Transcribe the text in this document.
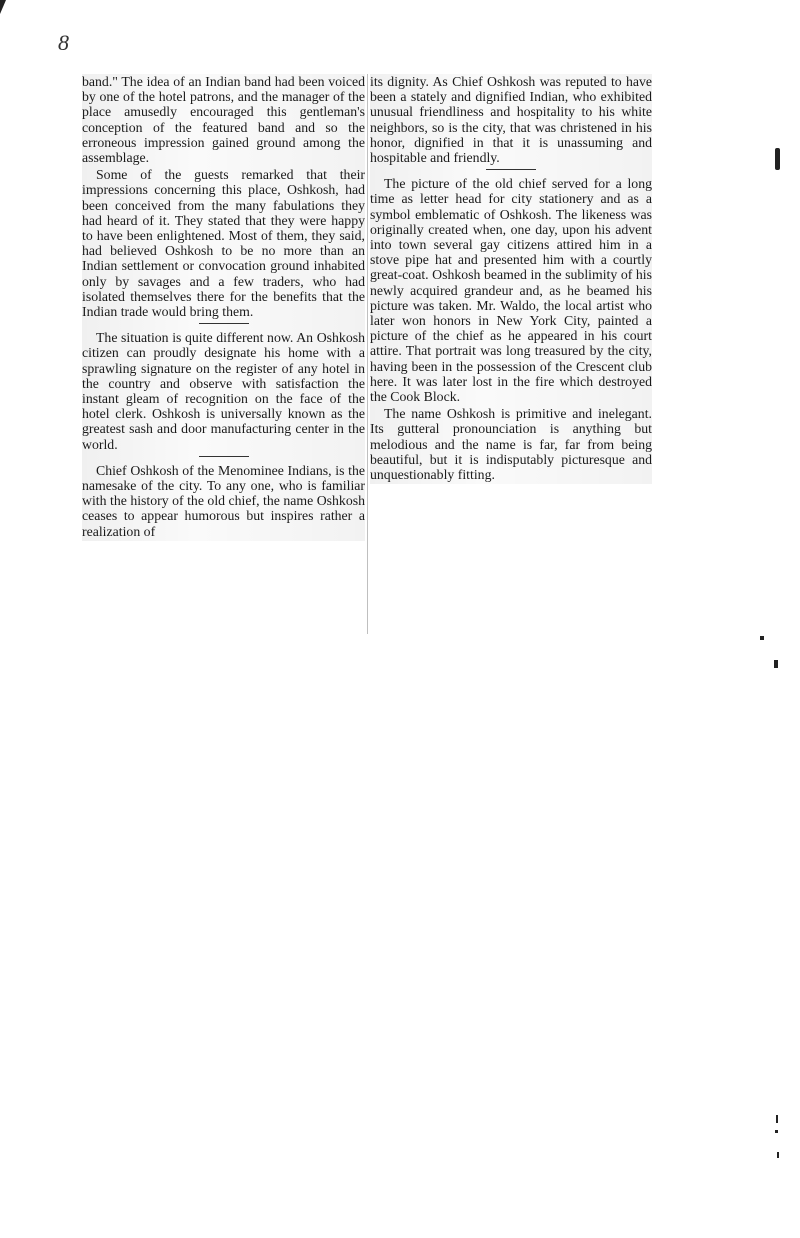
8

band." The idea of an Indian band had been voiced by one of the hotel patrons, and the manager of the place amusedly encouraged this gentleman's conception of the featured band and so the erroneous impression gained ground among the assemblage.

Some of the guests remarked that their impressions concerning this place, Oshkosh, had been conceived from the many fabulations they had heard of it. They stated that they were happy to have been enlightened. Most of them, they said, had believed Oshkosh to be no more than an Indian settlement or convocation ground inhabited only by savages and a few traders, who had isolated themselves there for the benefits that the Indian trade would bring them.

The situation is quite different now. An Oshkosh citizen can proudly designate his home with a sprawling signature on the register of any hotel in the country and observe with satisfaction the instant gleam of recognition on the face of the hotel clerk. Oshkosh is universally known as the greatest sash and door manufacturing center in the world.

Chief Oshkosh of the Menominee Indians, is the namesake of the city. To any one, who is familiar with the history of the old chief, the name Oshkosh ceases to appear humorous but inspires rather a realization of

its dignity. As Chief Oshkosh was reputed to have been a stately and dignified Indian, who exhibited unusual friendliness and hospitality to his white neighbors, so is the city, that was christened in his honor, dignified in that it is unassuming and hospitable and friendly.

The picture of the old chief served for a long time as letter head for city stationery and as a symbol emblematic of Oshkosh. The likeness was originally created when, one day, upon his advent into town several gay citizens attired him in a stove pipe hat and presented him with a courtly great-coat. Oshkosh beamed in the sublimity of his newly acquired grandeur and, as he beamed his picture was taken. Mr. Waldo, the local artist who later won honors in New York City, painted a picture of the chief as he appeared in his court attire. That portrait was long treasured by the city, having been in the possession of the Crescent club here. It was later lost in the fire which destroyed the Cook Block.

The name Oshkosh is primitive and inelegant. Its gutteral pronounciation is anything but melodious and the name is far, far from being beautiful, but it is indisputably picturesque and unquestionably fitting.
